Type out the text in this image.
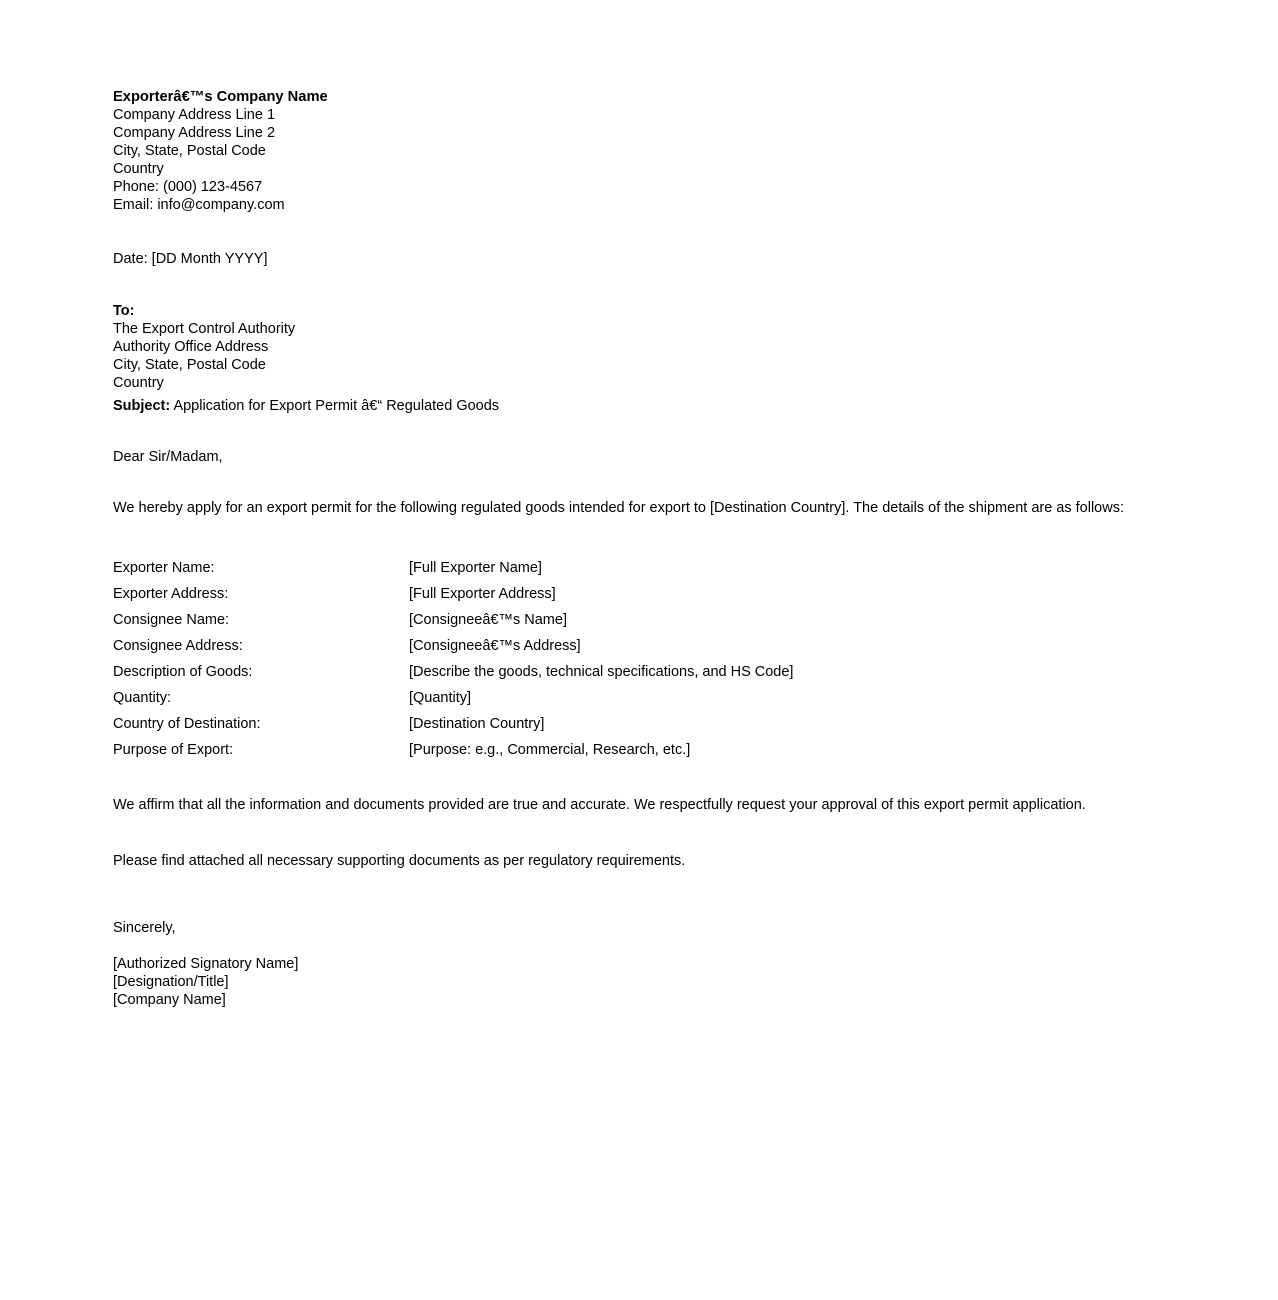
Exporterâ€™s Company Name
Company Address Line 1
Company Address Line 2
City, State, Postal Code
Country
Phone: (000) 123-4567
Email: info@company.com
Date: [DD Month YYYY]
To:
The Export Control Authority
Authority Office Address
City, State, Postal Code
Country
Subject: Application for Export Permit â€“ Regulated Goods
Dear Sir/Madam,
We hereby apply for an export permit for the following regulated goods intended for export to [Destination Country]. The details of the shipment are as follows:
Exporter Name:	[Full Exporter Name]
Exporter Address:	[Full Exporter Address]
Consignee Name:	[Consigneeâ€™s Name]
Consignee Address:	[Consigneeâ€™s Address]
Description of Goods:	[Describe the goods, technical specifications, and HS Code]
Quantity:	[Quantity]
Country of Destination:	[Destination Country]
Purpose of Export:	[Purpose: e.g., Commercial, Research, etc.]
We affirm that all the information and documents provided are true and accurate. We respectfully request your approval of this export permit application.
Please find attached all necessary supporting documents as per regulatory requirements.
Sincerely,
[Authorized Signatory Name]
[Designation/Title]
[Company Name]
